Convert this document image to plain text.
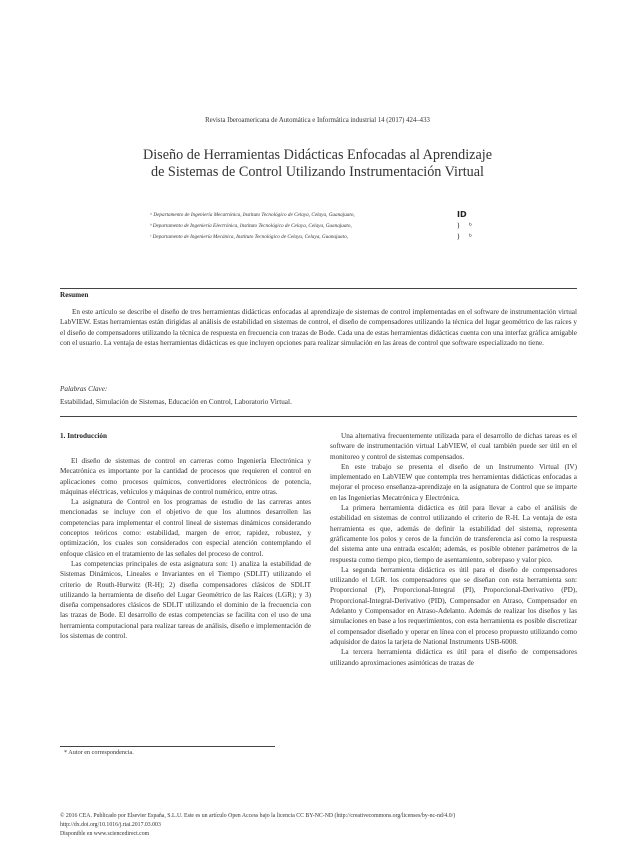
Revista Iberoamericana de Automática e Informática industrial 14 (2017) 424–433
Diseño de Herramientas Didácticas Enfocadas al Aprendizaje
de Sistemas de Control Utilizando Instrumentación Virtual
ᵃ Departamento de Ingeniería Mecatrónica, Instituto Tecnológico de Celaya, Celaya, Guanajuato,
ᵇ Departamento de Ingeniería Electrónica, Instituto Tecnológico de Celaya, Celaya, Guanajuato,
ᶜ Departamento de Ingeniería Mecánica, Instituto Tecnológico de Celaya, Celaya, Guanajuato,
ID
) ᵇ
) ᵇ
Resumen
En este artículo se describe el diseño de tres herramientas didácticas enfocadas al aprendizaje de sistemas de control implementadas en el software de instrumentación virtual LabVIEW. Estas herramientas están dirigidas al análisis de estabilidad en sistemas de control, el diseño de compensadores utilizando la técnica del lugar geométrico de las raíces y el diseño de compensadores utilizando la técnica de respuesta en frecuencia con trazas de Bode. Cada una de estas herramientas didácticas cuenta con una interfaz gráfica amigable con el usuario. La ventaja de estas herramientas didácticas es que incluyen opciones para realizar simulación en las áreas de control que software especializado no tiene.
Palabras Clave:
Estabilidad, Simulación de Sistemas, Educación en Control, Laboratorio Virtual.
1. Introducción

El diseño de sistemas de control en carreras como Ingeniería Electrónica y Mecatrónica es importante por la cantidad de procesos que requieren el control en aplicaciones como procesos químicos, convertidores electrónicos de potencia, máquinas eléctricas, vehículos y máquinas de control numérico, entre otras.

La asignatura de Control en los programas de estudio de las carreras antes mencionadas se incluye con el objetivo de que los alumnos desarrollen las competencias para implementar el control lineal de sistemas dinámicos considerando conceptos teóricos como: estabilidad, margen de error, rapidez, robustez, y optimización, los cuales son considerados con especial atención contemplando el enfoque clásico en el tratamiento de las señales del proceso de control.

Las competencias principales de esta asignatura son: 1) analiza la estabilidad de Sistemas Dinámicos, Lineales e Invariantes en el Tiempo (SDLIT) utilizando el criterio de Routh-Hurwitz (R-H); 2) diseña compensadores clásicos de SDLIT utilizando la herramienta de diseño del Lugar Geométrico de las Raíces (LGR); y 3) diseña compensadores clásicos de SDLIT utilizando el dominio de la frecuencia con las trazas de Bode. El desarrollo de estas competencias se facilita con el uso de una herramienta computacional para realizar tareas de análisis, diseño e implementación de los sistemas de control.

Una alternativa frecuentemente utilizada para el desarrollo de dichas tareas es el software de instrumentación virtual LabVIEW, el cual también puede ser útil en el monitoreo y control de sistemas compensados.

En este trabajo se presenta el diseño de un Instrumento Virtual (IV) implementado en LabVIEW que contempla tres herramientas didácticas enfocadas a mejorar el proceso enseñanza-aprendizaje en la asignatura de Control que se imparte en las Ingenierías Mecatrónica y Electrónica.

La primera herramienta didáctica es útil para llevar a cabo el análisis de estabilidad en sistemas de control utilizando el criterio de R-H. La ventaja de esta herramienta es que, además de definir la estabilidad del sistema, representa gráficamente los polos y ceros de la función de transferencia así como la respuesta del sistema ante una entrada escalón; además, es posible obtener parámetros de la respuesta como tiempo pico, tiempo de asentamiento, sobrepaso y valor pico.

La segunda herramienta didáctica es útil para el diseño de compensadores utilizando el LGR. los compensadores que se diseñan con esta herramienta son: Proporcional (P), Proporcional-Integral (PI), Proporcional-Derivativo (PD), Proporcional-Integral-Derivativo (PID), Compensador en Atraso, Compensador en Adelanto y Compensador en Atraso-Adelanto. Además de realizar los diseños y las simulaciones en base a los requerimientos, con esta herramienta es posible discretizar el compensador diseñado y operar en línea con el proceso propuesto utilizando como adquisidor de datos la tarjeta de National Instruments USB-6008.

La tercera herramienta didáctica es útil para el diseño de compensadores utilizando aproximaciones asintóticas de trazas de

* Autor en correspondencia.
© 2016 CEA. Publicado por Elsevier España, S.L.U. Este es un artículo Open Access bajo la licencia CC BY-NC-ND (http://creativecommons.org/licenses/by-nc-nd/4.0/)
http://dx.doi.org/10.1016/j.riai.2017.03.003
Disponible en www.sciencedirect.com
